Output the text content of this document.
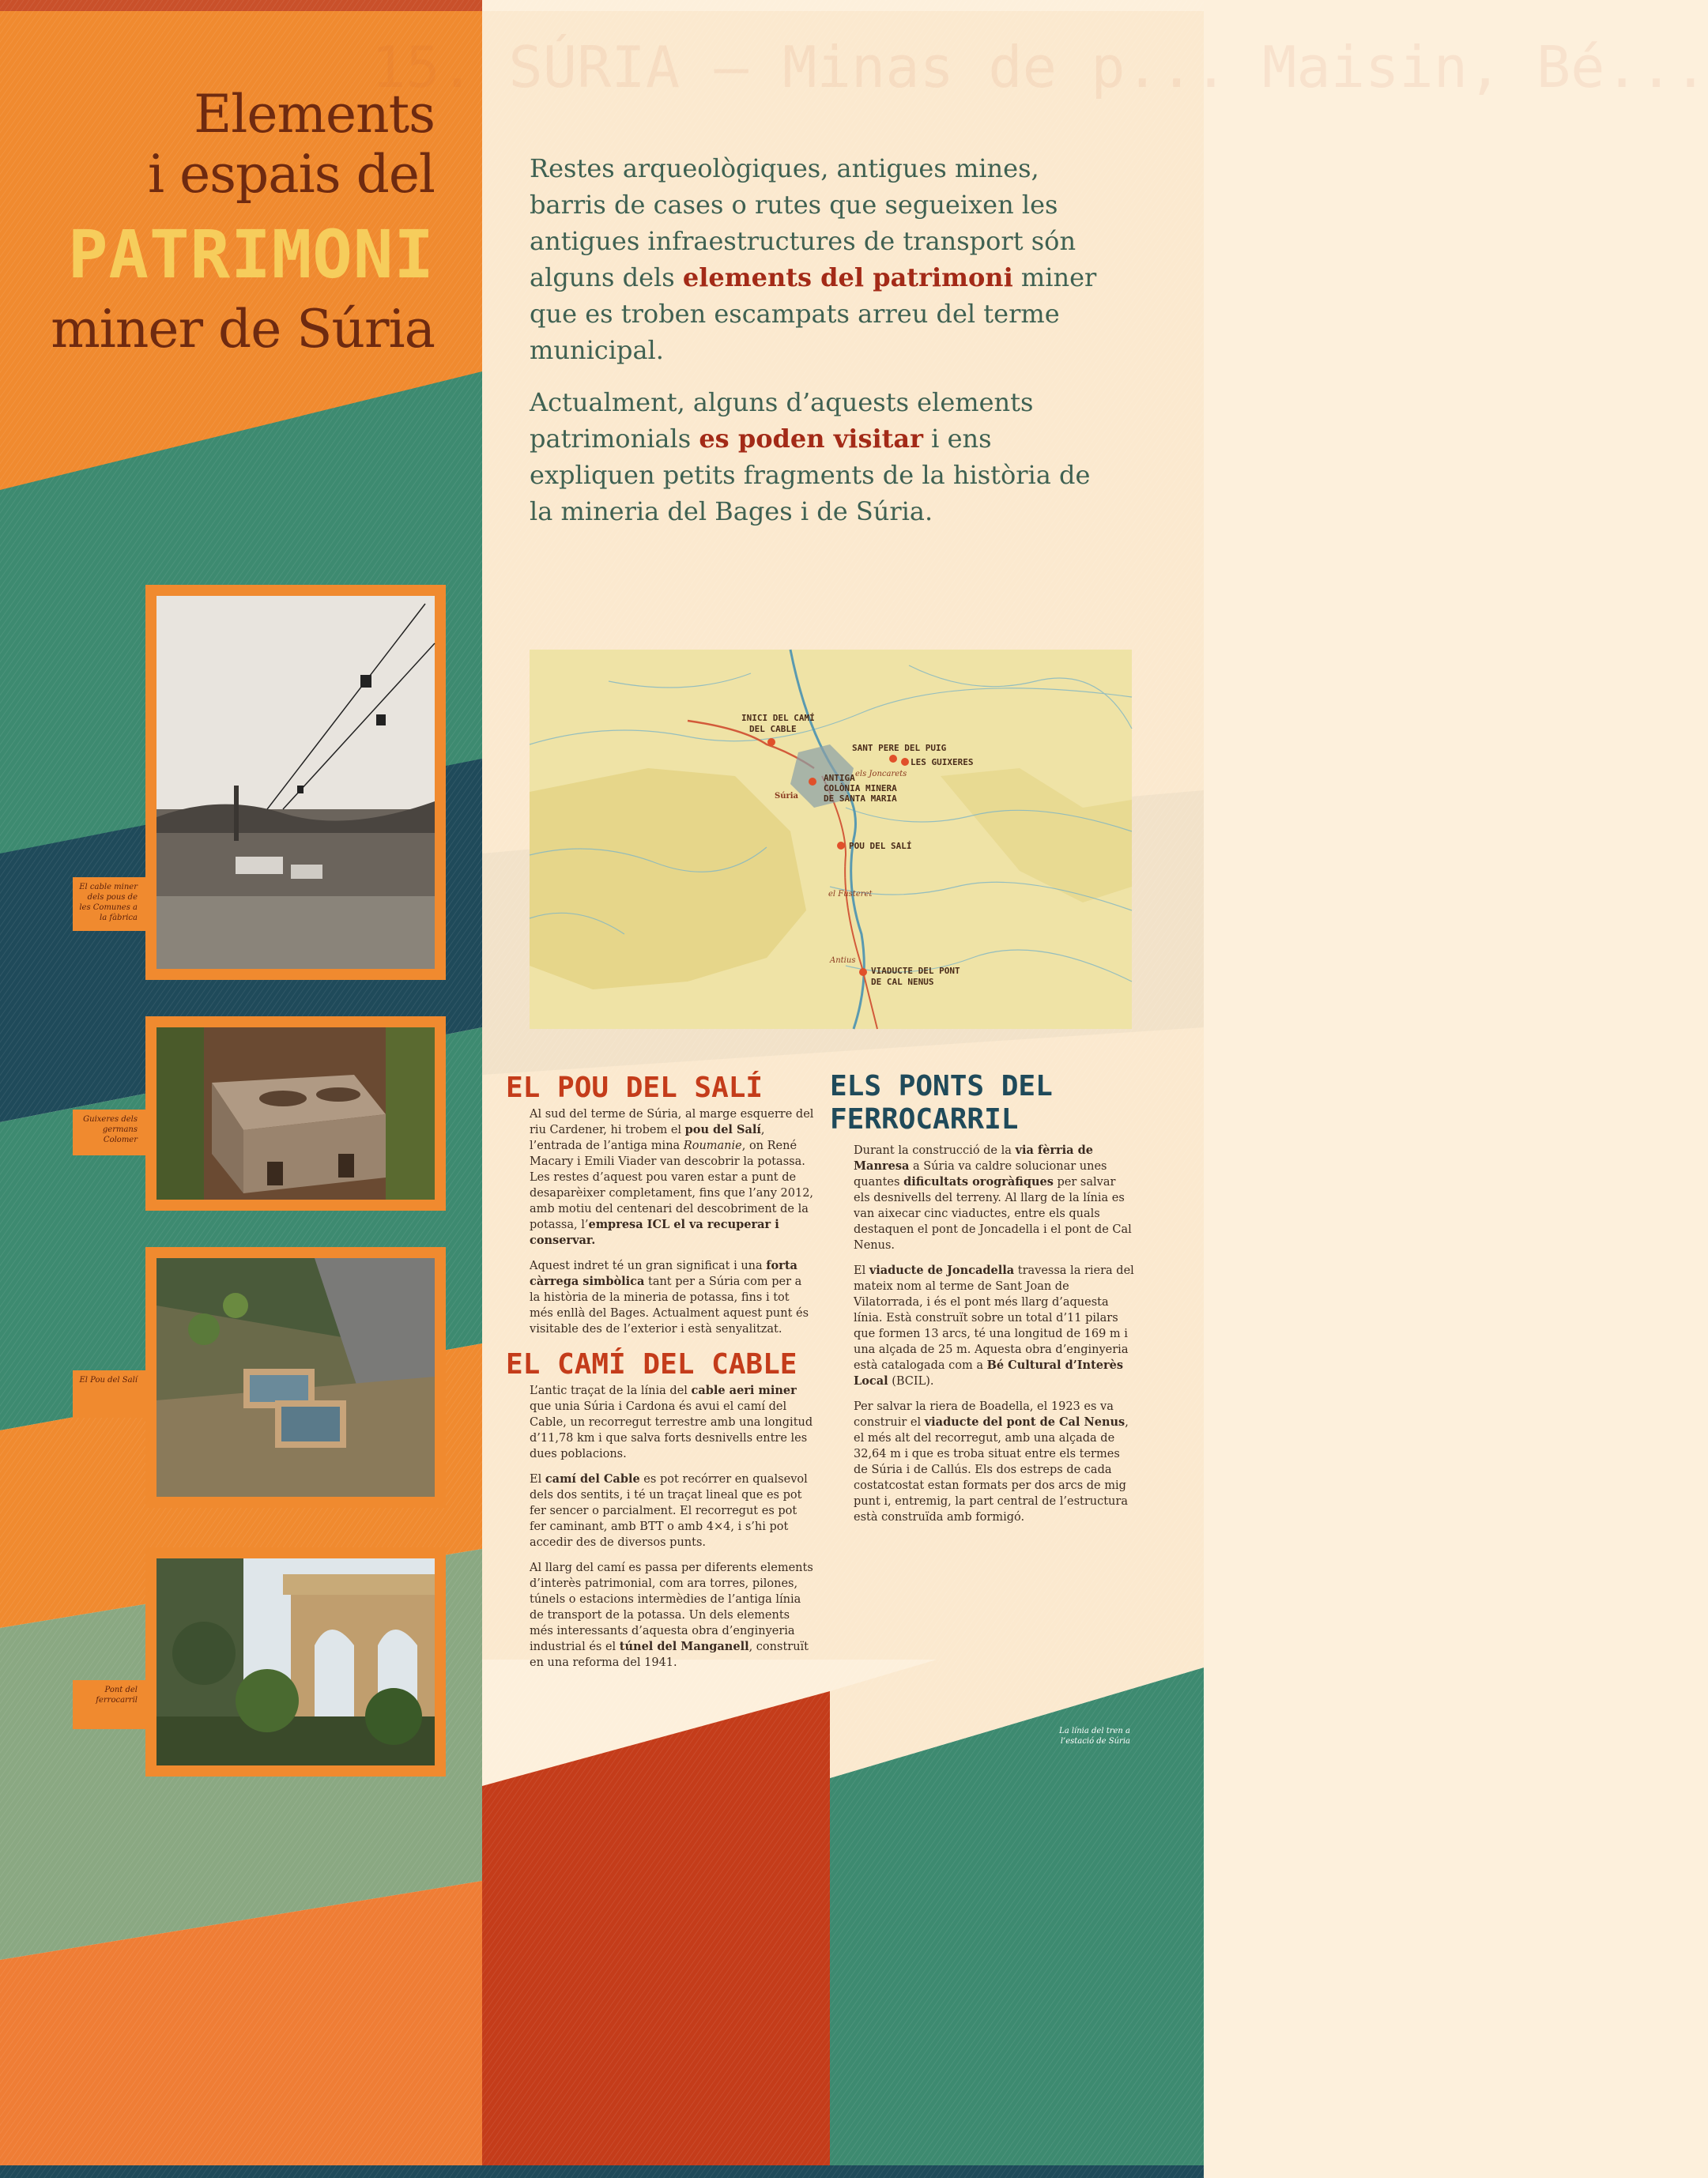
15. SÚRIA — Minas de p... Maisin, Bé...
Elements
i espais del
PATRIMONI
miner de Súria
Restes arqueològiques, antigues mines, barris de cases o rutes que segueixen les antigues infraestructures de transport són alguns dels elements del patrimoni miner que es troben escampats arreu del terme municipal.
Actualment, alguns d’aquests elements patrimonials es poden visitar i ens expliquen petits fragments de la història de la mineria del Bages i de Súria.
El cable miner dels pous de les Comunes a la fàbrica
Guixeres dels germans Colomer
El Pou del Salí
Pont del ferrocarril
INICI DEL CAMÍ
DEL CABLE
SANT PERE DEL PUIG
LES GUIXERES
els Joncarets
Súria
ANTIGA
COLÒNIA MINERA
DE SANTA MARIA
POU DEL SALÍ
el Fusteret
Antius
VIADUCTE DEL PONT
DE CAL NENUS
EL POU DEL SALÍ

Al sud del terme de Súria, al marge esquerre del riu Cardener, hi trobem el pou del Salí, l’entrada de l’antiga mina Roumanie, on René Macary i Emili Viader van descobrir la potassa. Les restes d’aquest pou varen estar a punt de desaparèixer completament, fins que l’any 2012, amb motiu del centenari del descobriment de la potassa, l’empresa ICL el va recuperar i conservar.

Aquest indret té un gran significat i una forta càrrega simbòlica tant per a Súria com per a la història de la mineria de potassa, fins i tot més enllà del Bages. Actualment aquest punt és visitable des de l’exterior i està senyalitzat.

EL CAMÍ DEL CABLE

L’antic traçat de la línia del cable aeri miner que unia Súria i Cardona és avui el camí del Cable, un recorregut terrestre amb una longitud d’11,78 km i que salva forts desnivells entre les dues poblacions.

El camí del Cable es pot recórrer en qualsevol dels dos sentits, i té un traçat lineal que es pot fer sencer o parcialment. El recorregut es pot fer caminant, amb BTT o amb 4×4, i s’hi pot accedir des de diversos punts.

Al llarg del camí es passa per diferents elements d’interès patrimonial, com ara torres, pilones, túnels o estacions intermèdies de l’antiga línia de transport de la potassa. Un dels elements més interessants d’aquesta obra d’enginyeria industrial és el túnel del Manganell, construït en una reforma del 1941.

ELS PONTS DEL
FERROCARRIL

Durant la construcció de la via fèrria de Manresa a Súria va caldre solucionar unes quantes dificultats orogràfiques per salvar els desnivells del terreny. Al llarg de la línia es van aixecar cinc viaductes, entre els quals destaquen el pont de Joncadella i el pont de Cal Nenus.

El viaducte de Joncadella travessa la riera del mateix nom al terme de Sant Joan de Vilatorrada, i és el pont més llarg d’aquesta línia. Està construït sobre un total d’11 pilars que formen 13 arcs, té una longitud de 169 m i una alçada de 25 m. Aquesta obra d’enginyeria està catalogada com a Bé Cultural d’Interès Local (BCIL).

Per salvar la riera de Boadella, el 1923 es va construir el viaducte del pont de Cal Nenus, el més alt del recorregut, amb una alçada de 32,64 m i que es troba situat entre els termes de Súria i de Callús. Els dos estreps de cada costatcostat estan formats per dos arcs de mig punt i, entremig, la part central de l’estructura està construïda amb formigó.

La línia del tren a l’estació de Súria
